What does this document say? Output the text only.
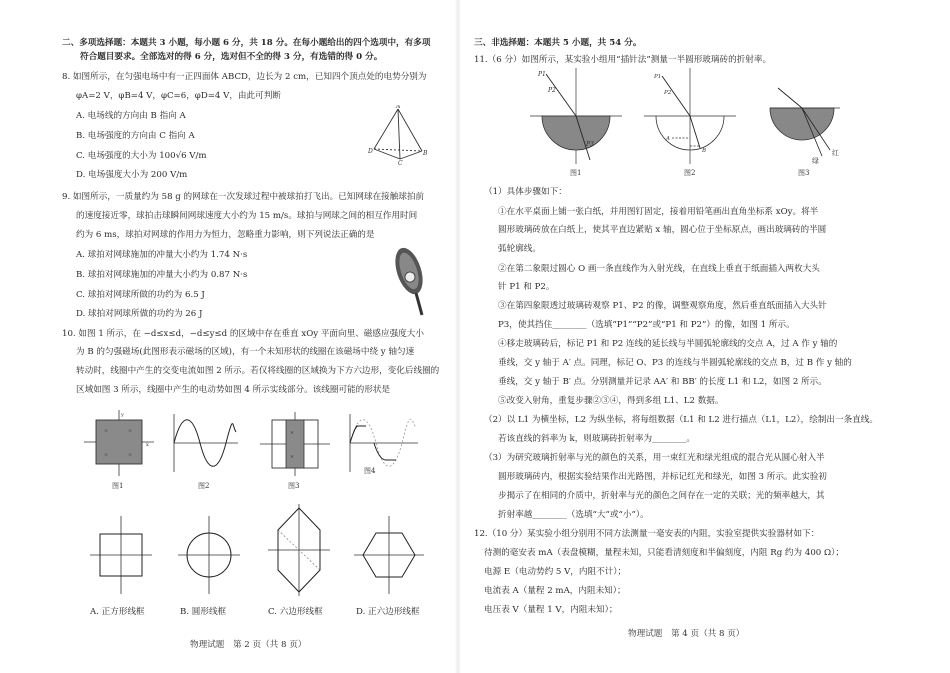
二、多项选择题：本题共 3 小题，每小题 6 分，共 18 分。在每小题给出的四个选项中，有多项
符合题目要求。全部选对的得 6 分，选对但不全的得 3 分，有选错的得 0 分。
8. 如图所示，在匀强电场中有一正四面体 ABCD，边长为 2 cm，已知四个顶点处的电势分别为
φA=2 V，φB=4 V，φC=6，φD=4 V，由此可判断
A. 电场线的方向由 B 指向 A
B. 电场强度的方向由 C 指向 A
C. 电场强度的大小为 100√6 V/m
D. 电场强度大小为 200 V/m
A
D	B
C
9. 如图所示，一质量约为 58 g 的网球在一次发球过程中被球拍打飞出。已知网球在接触球拍前
的速度接近零，球拍击球瞬间网球速度大小约为 15 m/s。球拍与网球之间的相互作用时间
约为 6 ms，球拍对网球的作用力为恒力，忽略重力影响，则下列说法正确的是
A. 球拍对网球施加的冲量大小约为 1.74 N·s
B. 球拍对网球施加的冲量大小约为 0.87 N·s
C. 球拍对网球所做的功约为 6.5 J
D. 球拍对网球所做的功约为 26 J
10. 如图 1 所示，在 −d≤x≤d，−d≤y≤d 的区域中存在垂直 xOy 平面向里、磁感应强度大小
为 B 的匀强磁场(此图形表示磁场的区域)，有一个未知形状的线圈在该磁场中绕 y 轴匀速
转动时，线圈中产生的交变电流如图 2 所示。若仅将线圈的区域换为下方六边形，变化后线圈的
区域如图 3 所示，线圈中产生的电动势如图 4 所示实线部分。该线圈可能的形状是
×	×
×	×
x
y
图1	图2
×
×
图3
图4
A. 正方形线框	B. 圆形线框	C. 六边形线框	D. 正六边形线框
物理试题　第 2 页（共 8 页）
三、非选择题：本题共 5 小题，共 54 分。
11.（6 分）如图所示，某实验小组用“插针法”测量一半圆形玻璃砖的折射率。
P1
P2
P3
图1
P1
P2
A
B
图2
绿
红
图3
（1）具体步骤如下：
①在水平桌面上铺一张白纸，并用图钉固定，接着用铅笔画出直角坐标系 xOy。将半
圆形玻璃砖放在白纸上，使其平直边紧贴 x 轴，圆心位于坐标原点，画出玻璃砖的半圆
弧轮廓线。
②在第二象限过圆心 O 画一条直线作为入射光线，在直线上垂直于纸面插入两枚大头
针 P1 和 P2。
③在第四象限透过玻璃砖观察 P1、P2 的像，调整观察角度，然后垂直纸面插入大头针
P3，使其挡住________（选填“P1”“P2”或“P1 和 P2”）的像，如图 1 所示。
④移走玻璃砖后，标记 P1 和 P2 连线的延长线与半圆弧轮廓线的交点 A，过 A 作 y 轴的
垂线，交 y 轴于 A′ 点。同理，标记 O、P3 的连线与半圆弧轮廓线的交点 B，过 B 作 y 轴的
垂线，交 y 轴于 B′ 点。分别测量并记录 AA′ 和 BB′ 的长度 L1 和 L2，如图 2 所示。
⑤改变入射角，重复步骤②③④，得到多组 L1、L2 数据。
（2）以 L1 为横坐标，L2 为纵坐标，将每组数据（L1 和 L2 进行描点（L1，L2），绘制出一条直线。
若该直线的斜率为 k，则玻璃砖折射率为________。
（3）为研究玻璃折射率与光的颜色的关系，用一束红光和绿光组成的混合光从圆心射入半
圆形玻璃砖内，根据实验结果作出光路图，并标记红光和绿光，如图 3 所示。此实验初
步揭示了在相同的介质中，折射率与光的颜色之间存在一定的关联；光的频率越大，其
折射率越________（选填“大”或“小”）。
12.（10 分）某实验小组分别用不同方法测量一毫安表的内阻，实验室提供实验器材如下：
待测的毫安表 mA（表盘模糊，量程未知，只能看清刻度和半偏刻度，内阻 Rg 约为 400 Ω）；
电源 E（电动势约 5 V，内阻不计）；
电流表 A（量程 2 mA，内阻未知）；
电压表 V（量程 1 V，内阻未知）；
物理试题　第 4 页（共 8 页）
